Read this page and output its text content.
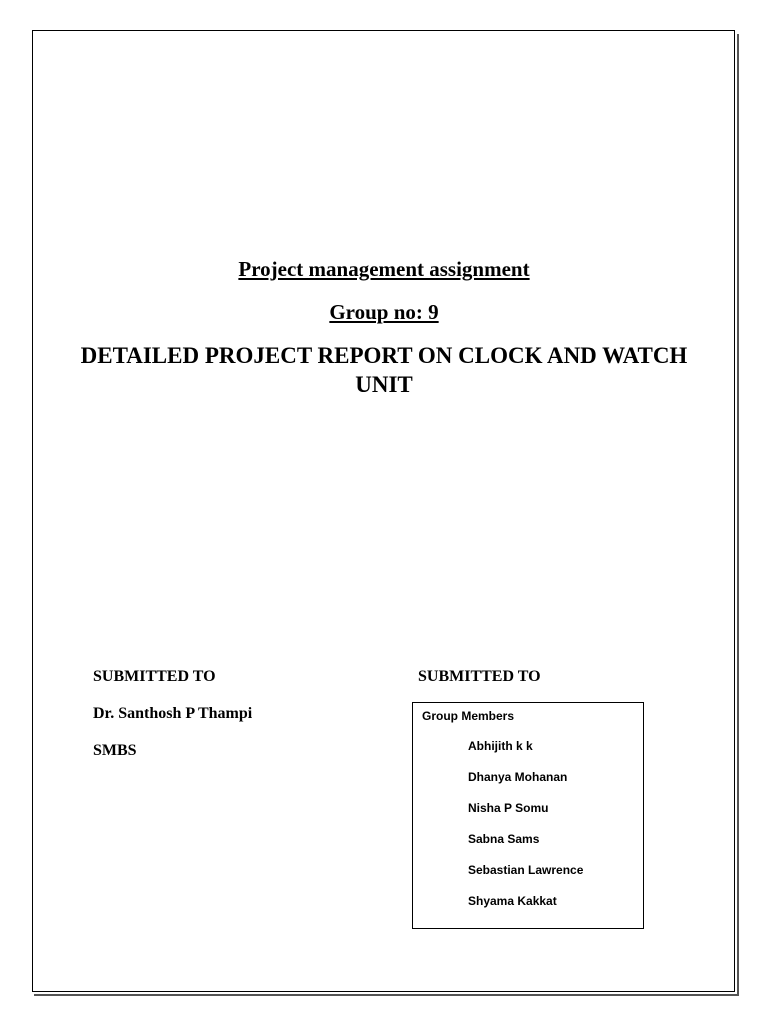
Project management assignment
Group no: 9
DETAILED PROJECT REPORT ON CLOCK AND WATCH UNIT
SUBMITTED TO	SUBMITTED TO
Dr. Santhosh P Thampi
SMBS
Group Members
Abhijith k k
Dhanya Mohanan
Nisha P Somu
Sabna Sams
Sebastian Lawrence
Shyama Kakkat
